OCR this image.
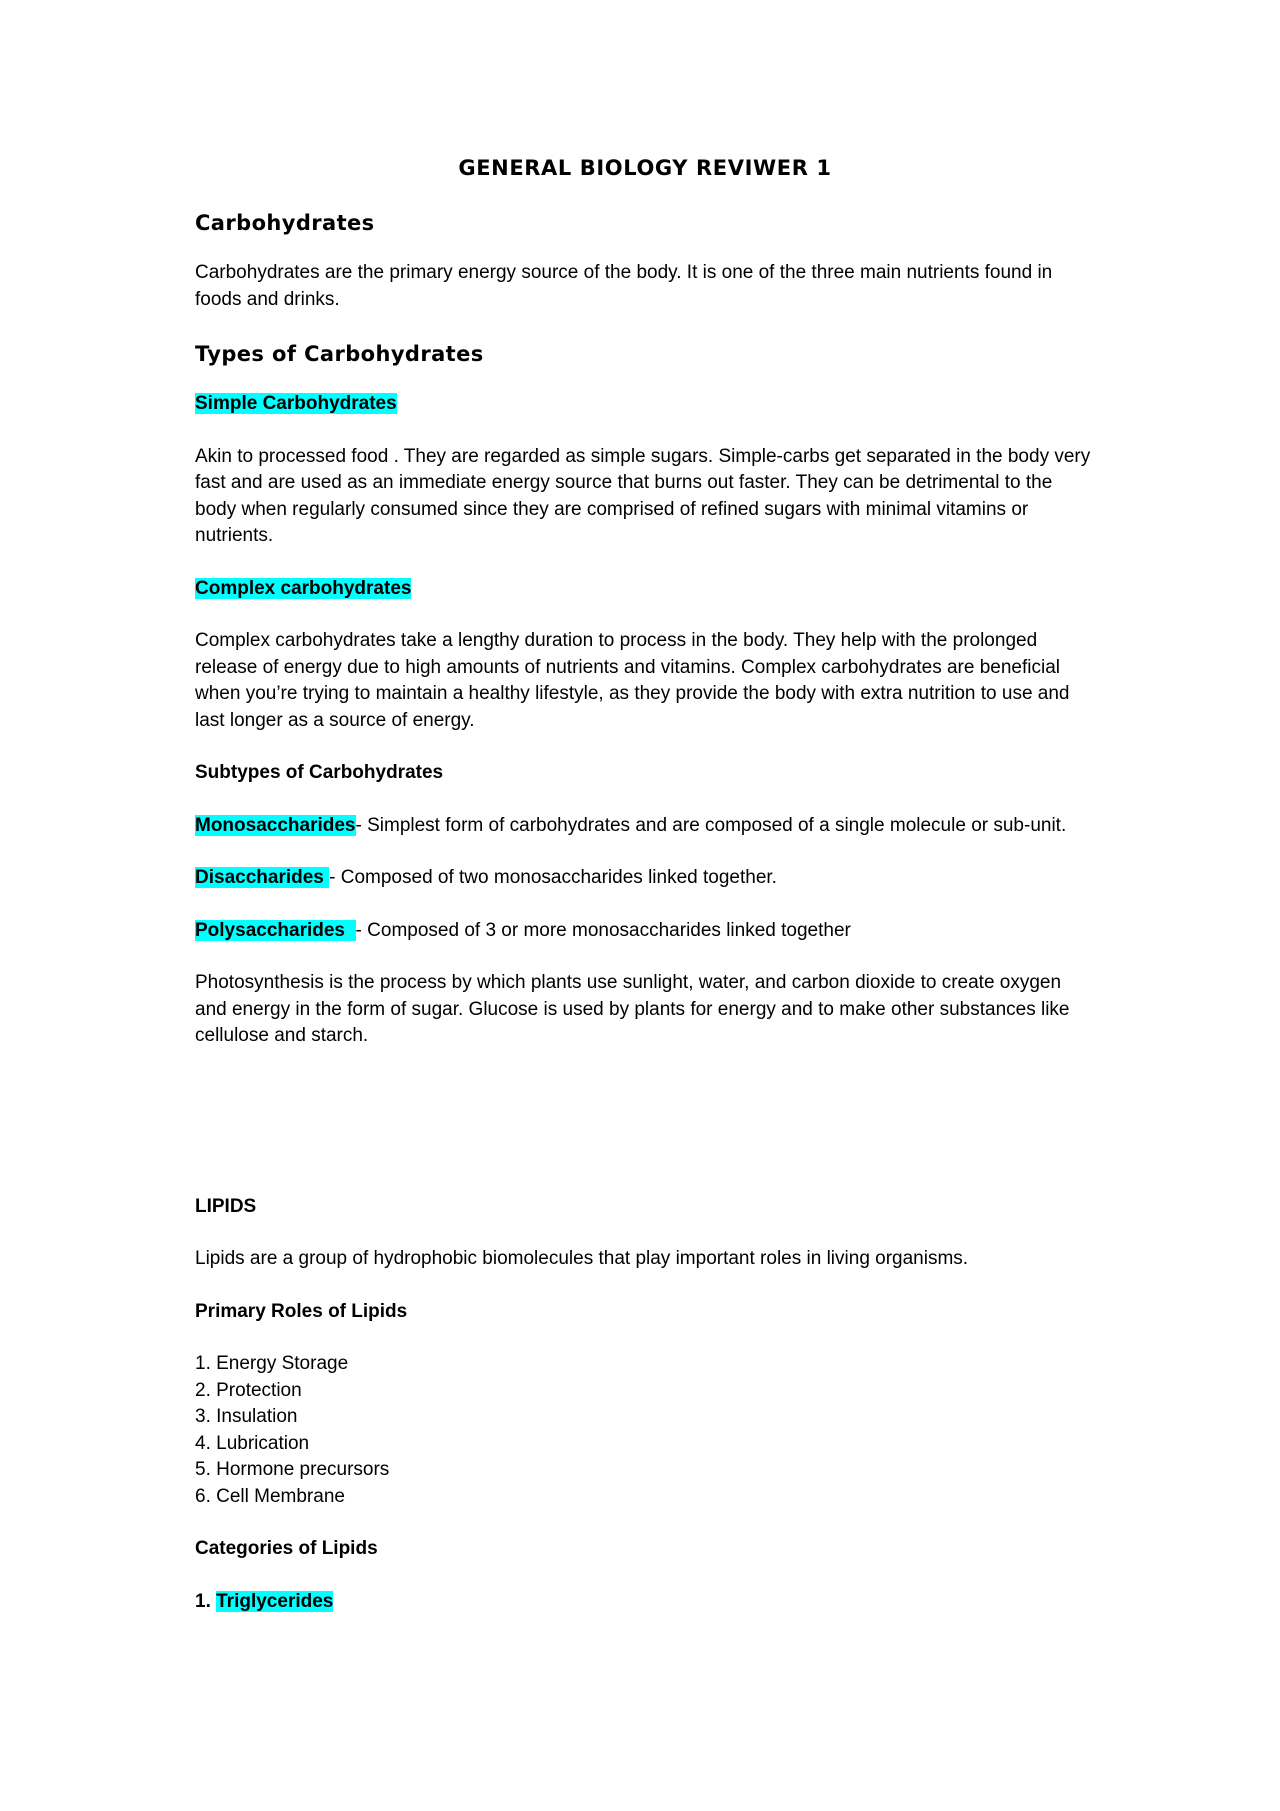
GENERAL BIOLOGY REVIWER 1
Carbohydrates

Carbohydrates are the primary energy source of the body. It is one of the three main nutrients found in foods and drinks.

Types of Carbohydrates

Simple Carbohydrates

Akin to processed food . They are regarded as simple sugars. Simple-carbs get separated in the body very fast and are used as an immediate energy source that burns out faster. They can be detrimental to the body when regularly consumed since they are comprised of refined sugars with minimal vitamins or nutrients.

Complex carbohydrates

Complex carbohydrates take a lengthy duration to process in the body. They help with the prolonged release of energy due to high amounts of nutrients and vitamins. Complex carbohydrates are beneficial when you’re trying to maintain a healthy lifestyle, as they provide the body with extra nutrition to use and last longer as a source of energy.

Subtypes of Carbohydrates

Monosaccharides- Simplest form of carbohydrates and are composed of a single molecule or sub-unit.

Disaccharides - Composed of two monosaccharides linked together.

Polysaccharides  - Composed of 3 or more monosaccharides linked together

Photosynthesis is the process by which plants use sunlight, water, and carbon dioxide to create oxygen and energy in the form of sugar. Glucose is used by plants for energy and to make other substances like cellulose and starch.

LIPIDS

Lipids are a group of hydrophobic biomolecules that play important roles in living organisms.

Primary Roles of Lipids

1. Energy Storage
2. Protection
3. Insulation
4. Lubrication
5. Hormone precursors
6. Cell Membrane

Categories of Lipids

1. Triglycerides
